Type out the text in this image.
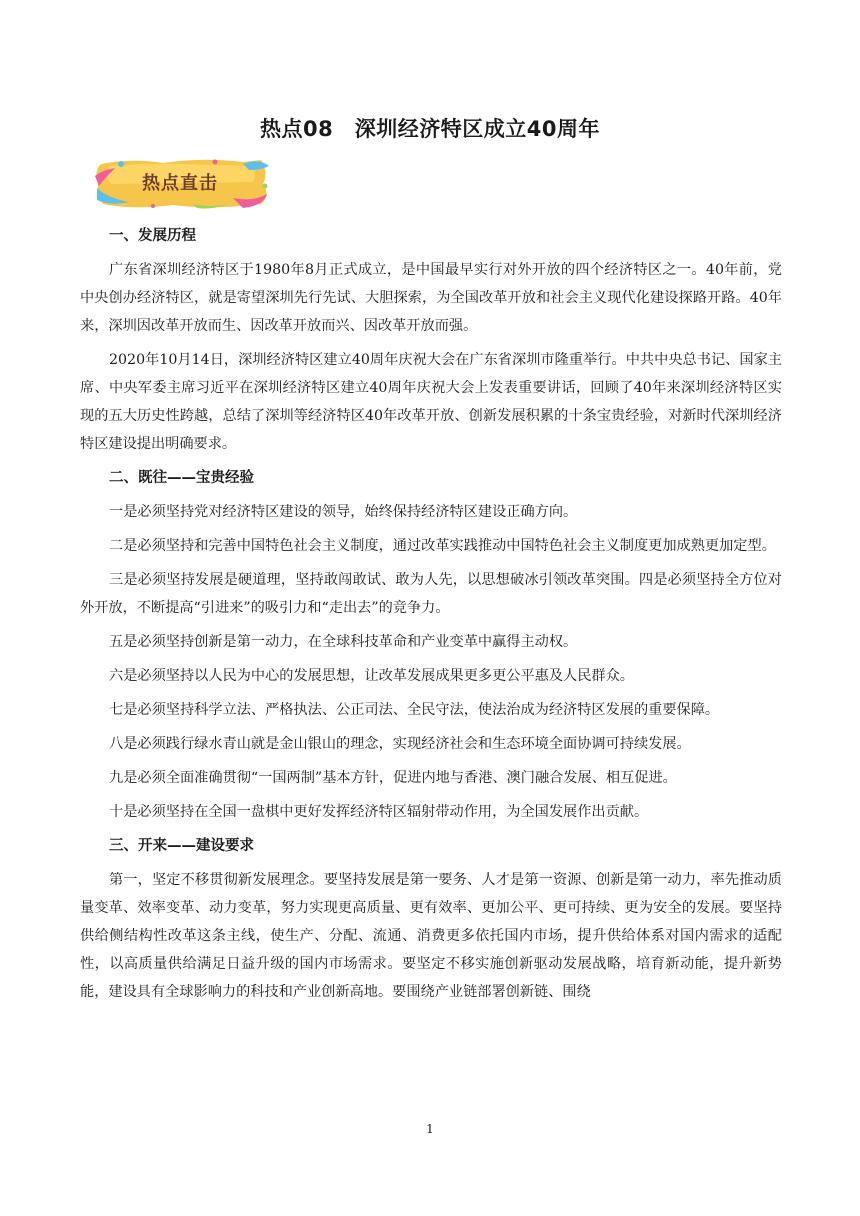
热点08　深圳经济特区成立40周年
热点直击

一、发展历程

广东省深圳经济特区于1980年8月正式成立，是中国最早实行对外开放的四个经济特区之一。40年前，党中央创办经济特区，就是寄望深圳先行先试、大胆探索，为全国改革开放和社会主义现代化建设探路开路。40年来，深圳因改革开放而生、因改革开放而兴、因改革开放而强。

2020年10月14日，深圳经济特区建立40周年庆祝大会在广东省深圳市隆重举行。中共中央总书记、国家主席、中央军委主席习近平在深圳经济特区建立40周年庆祝大会上发表重要讲话，回顾了40年来深圳经济特区实现的五大历史性跨越，总结了深圳等经济特区40年改革开放、创新发展积累的十条宝贵经验，对新时代深圳经济特区建设提出明确要求。

二、既往——宝贵经验

一是必须坚持党对经济特区建设的领导，始终保持经济特区建设正确方向。

二是必须坚持和完善中国特色社会主义制度，通过改革实践推动中国特色社会主义制度更加成熟更加定型。

三是必须坚持发展是硬道理，坚持敢闯敢试、敢为人先，以思想破冰引领改革突围。四是必须坚持全方位对外开放，不断提高“引进来”的吸引力和“走出去”的竞争力。

五是必须坚持创新是第一动力，在全球科技革命和产业变革中赢得主动权。

六是必须坚持以人民为中心的发展思想，让改革发展成果更多更公平惠及人民群众。

七是必须坚持科学立法、严格执法、公正司法、全民守法，使法治成为经济特区发展的重要保障。

八是必须践行绿水青山就是金山银山的理念，实现经济社会和生态环境全面协调可持续发展。

九是必须全面准确贯彻“一国两制”基本方针，促进内地与香港、澳门融合发展、相互促进。

十是必须坚持在全国一盘棋中更好发挥经济特区辐射带动作用，为全国发展作出贡献。

三、开来——建设要求

第一，坚定不移贯彻新发展理念。要坚持发展是第一要务、人才是第一资源、创新是第一动力，率先推动质量变革、效率变革、动力变革，努力实现更高质量、更有效率、更加公平、更可持续、更为安全的发展。要坚持供给侧结构性改革这条主线，使生产、分配、流通、消费更多依托国内市场，提升供给体系对国内需求的适配性，以高质量供给满足日益升级的国内市场需求。要坚定不移实施创新驱动发展战略，培育新动能，提升新势能，建设具有全球影响力的科技和产业创新高地。要围绕产业链部署创新链、围绕

1
